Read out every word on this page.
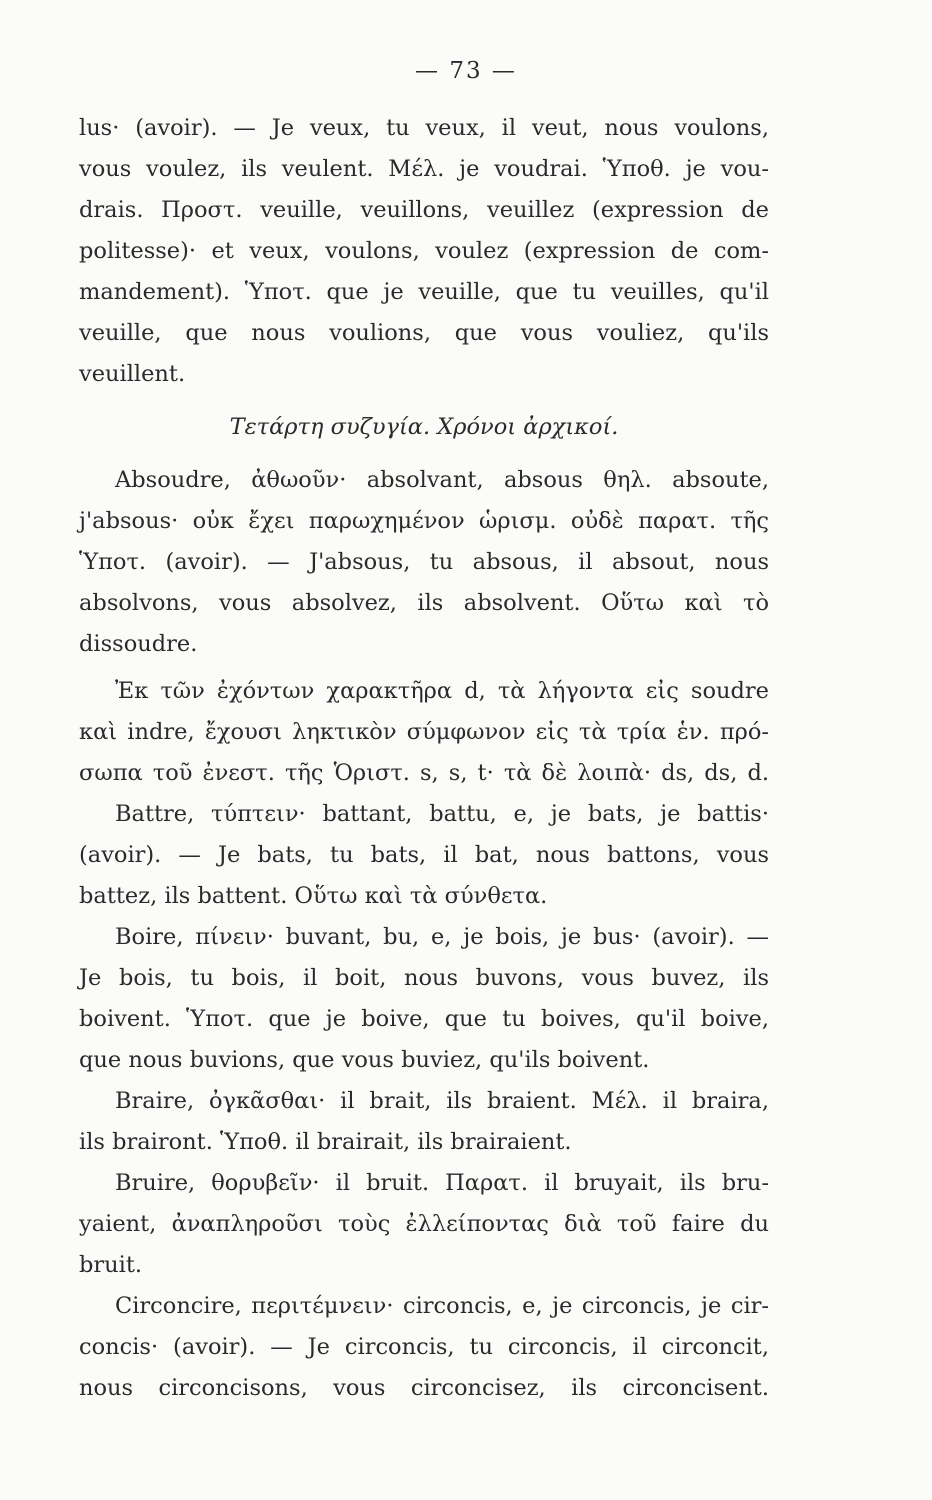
— 73 —
lus· (avoir). — Je veux, tu veux, il veut, nous voulons,
vous voulez, ils veulent. Μέλ. je voudrai. Ὑποθ. je vou-
drais. Προστ. veuille, veuillons, veuillez (expression de
politesse)· et veux, voulons, voulez (expression de com-
mandement). Ὑποτ. que je veuille, que tu veuilles, qu'il
veuille, que nous voulions, que vous vouliez, qu'ils
veuillent.
Τετάρτη συζυγία. Χρόνοι ἀρχικοί.
Absoudre, ἀθωοῦν· absolvant, absous θηλ. absoute,
j'absous· οὐκ ἔχει παρωχημένον ὡρισμ. οὐδὲ παρατ. τῆς
Ὑποτ. (avoir). — J'absous, tu absous, il absout, nous
absolvons, vous absolvez, ils absolvent. Οὕτω καὶ τὸ
dissoudre.
Ἐκ τῶν ἐχόντων χαρακτῆρα d, τὰ λήγοντα εἰς soudre
καὶ indre, ἔχουσι ληκτικὸν σύμφωνον εἰς τὰ τρία ἑν. πρό-
σωπα τοῦ ἐνεστ. τῆς Ὁριστ. s, s, t· τὰ δὲ λοιπὰ· ds, ds, d.
Battre, τύπτειν· battant, battu, e, je bats, je battis·
(avoir). — Je bats, tu bats, il bat, nous battons, vous
battez, ils battent. Οὕτω καὶ τὰ σύνθετα.
Boire, πίνειν· buvant, bu, e, je bois, je bus· (avoir). —
Je bois, tu bois, il boit, nous buvons, vous buvez, ils
boivent. Ὑποτ. que je boive, que tu boives, qu'il boive,
que nous buvions, que vous buviez, qu'ils boivent.
Braire, ὀγκᾶσθαι· il brait, ils braient. Μέλ. il braira,
ils brairont. Ὑποθ. il brairait, ils brairaient.
Bruire, θορυβεῖν· il bruit. Παρατ. il bruyait, ils bru-
yaient, ἀναπληροῦσι τοὺς ἐλλείποντας διὰ τοῦ faire du
bruit.
Circoncire, περιτέμνειν· circoncis, e, je circoncis, je cir-
concis· (avoir). — Je circoncis, tu circoncis, il circoncit,
nous circoncisons, vous circoncisez, ils circoncisent.
